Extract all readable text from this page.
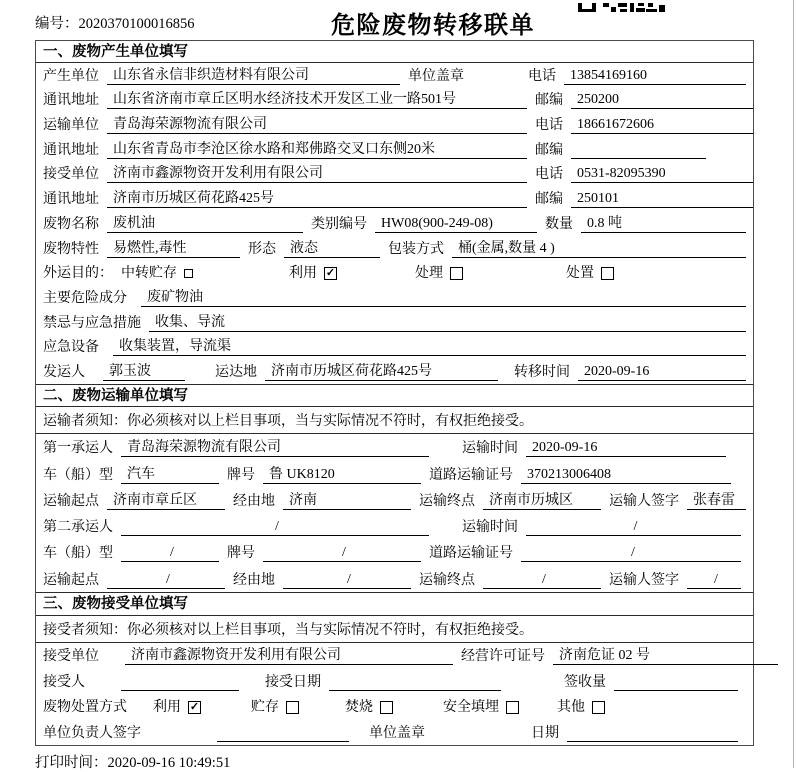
编号：2020370100016856	危险废物转移联单
一、废物产生单位填写
产生单位	山东省永信非织造材料有限公司	单位盖章	电话	13854169160
通讯地址	山东省济南市章丘区明水经济技术开发区工业一路501号	邮编	250200
运输单位	青岛海荣源物流有限公司	电话	18661672606
通讯地址	山东省青岛市李沧区徐水路和郑佛路交叉口东侧20米	邮编
接受单位	济南市鑫源物资开发利用有限公司	电话	0531-82095390
通讯地址	济南市历城区荷花路425号	邮编	250101
废物名称	废机油	类别编号	HW08(900-249-08)	数量	0.8 吨
废物特性	易燃性,毒性	形态	液态	包装方式	桶(金属,数量 4 )
外运目的： 中转贮存	利用 ✓	处理	处置
主要危险成分	废矿物油
禁忌与应急措施	收集、导流
应急设备	收集装置，导流渠
发运人	郭玉波	运达地	济南市历城区荷花路425号	转移时间	2020-09-16
二、废物运输单位填写
运输者须知：你必须核对以上栏目事项，当与实际情况不符时，有权拒绝接受。
第一承运人	青岛海荣源物流有限公司	运输时间	2020-09-16
车（船）型	汽车	牌号	鲁 UK8120	道路运输证号	370213006408
运输起点	济南市章丘区	经由地	济南	运输终点	济南市历城区	运输人签字	张春雷
第二承运人	/	运输时间	/
车（船）型	/	牌号	/	道路运输证号	/
运输起点	/	经由地	/	运输终点	/	运输人签字	/
三、废物接受单位填写
接受者须知：你必须核对以上栏目事项，当与实际情况不符时，有权拒绝接受。
接受单位	济南市鑫源物资开发利用有限公司	经营许可证号	济南危证 02 号
接受人	接受日期	签收量
废物处置方式 利用 ✓	贮存	焚烧	安全填埋	其他
单位负责人签字	单位盖章	日期
打印时间：2020-09-16 10:49:51
